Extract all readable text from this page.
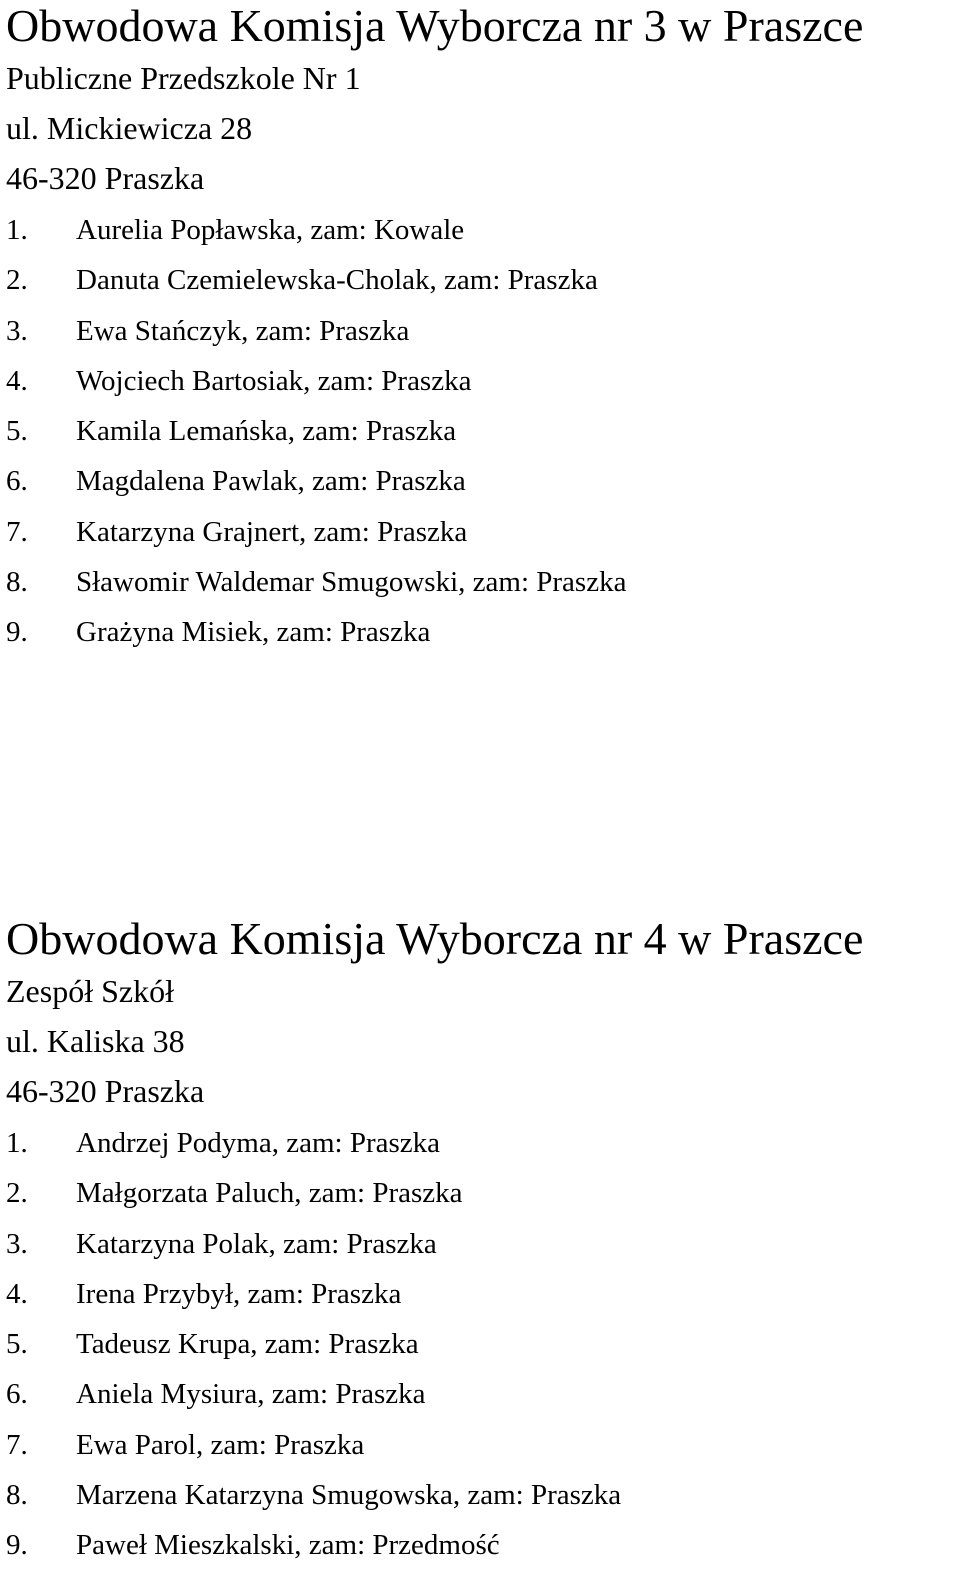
Obwodowa Komisja Wyborcza nr 3 w Praszce
Publiczne Przedszkole Nr 1
ul. Mickiewicza 28
46-320 Praszka
1.	Aurelia Popławska, zam: Kowale
2.	Danuta Czemielewska-Cholak, zam: Praszka
3.	Ewa Stańczyk, zam: Praszka
4.	Wojciech Bartosiak, zam: Praszka
5.	Kamila Lemańska, zam: Praszka
6.	Magdalena Pawlak, zam: Praszka
7.	Katarzyna Grajnert, zam: Praszka
8.	Sławomir Waldemar Smugowski, zam: Praszka
9.	Grażyna Misiek, zam: Praszka
Obwodowa Komisja Wyborcza nr 4 w Praszce
Zespół Szkół
ul. Kaliska 38
46-320 Praszka
1.	Andrzej Podyma, zam: Praszka
2.	Małgorzata Paluch, zam: Praszka
3.	Katarzyna Polak, zam: Praszka
4.	Irena Przybył, zam: Praszka
5.	Tadeusz Krupa, zam: Praszka
6.	Aniela Mysiura, zam: Praszka
7.	Ewa Parol, zam: Praszka
8.	Marzena Katarzyna Smugowska, zam: Praszka
9.	Paweł Mieszkalski, zam: Przedmość
